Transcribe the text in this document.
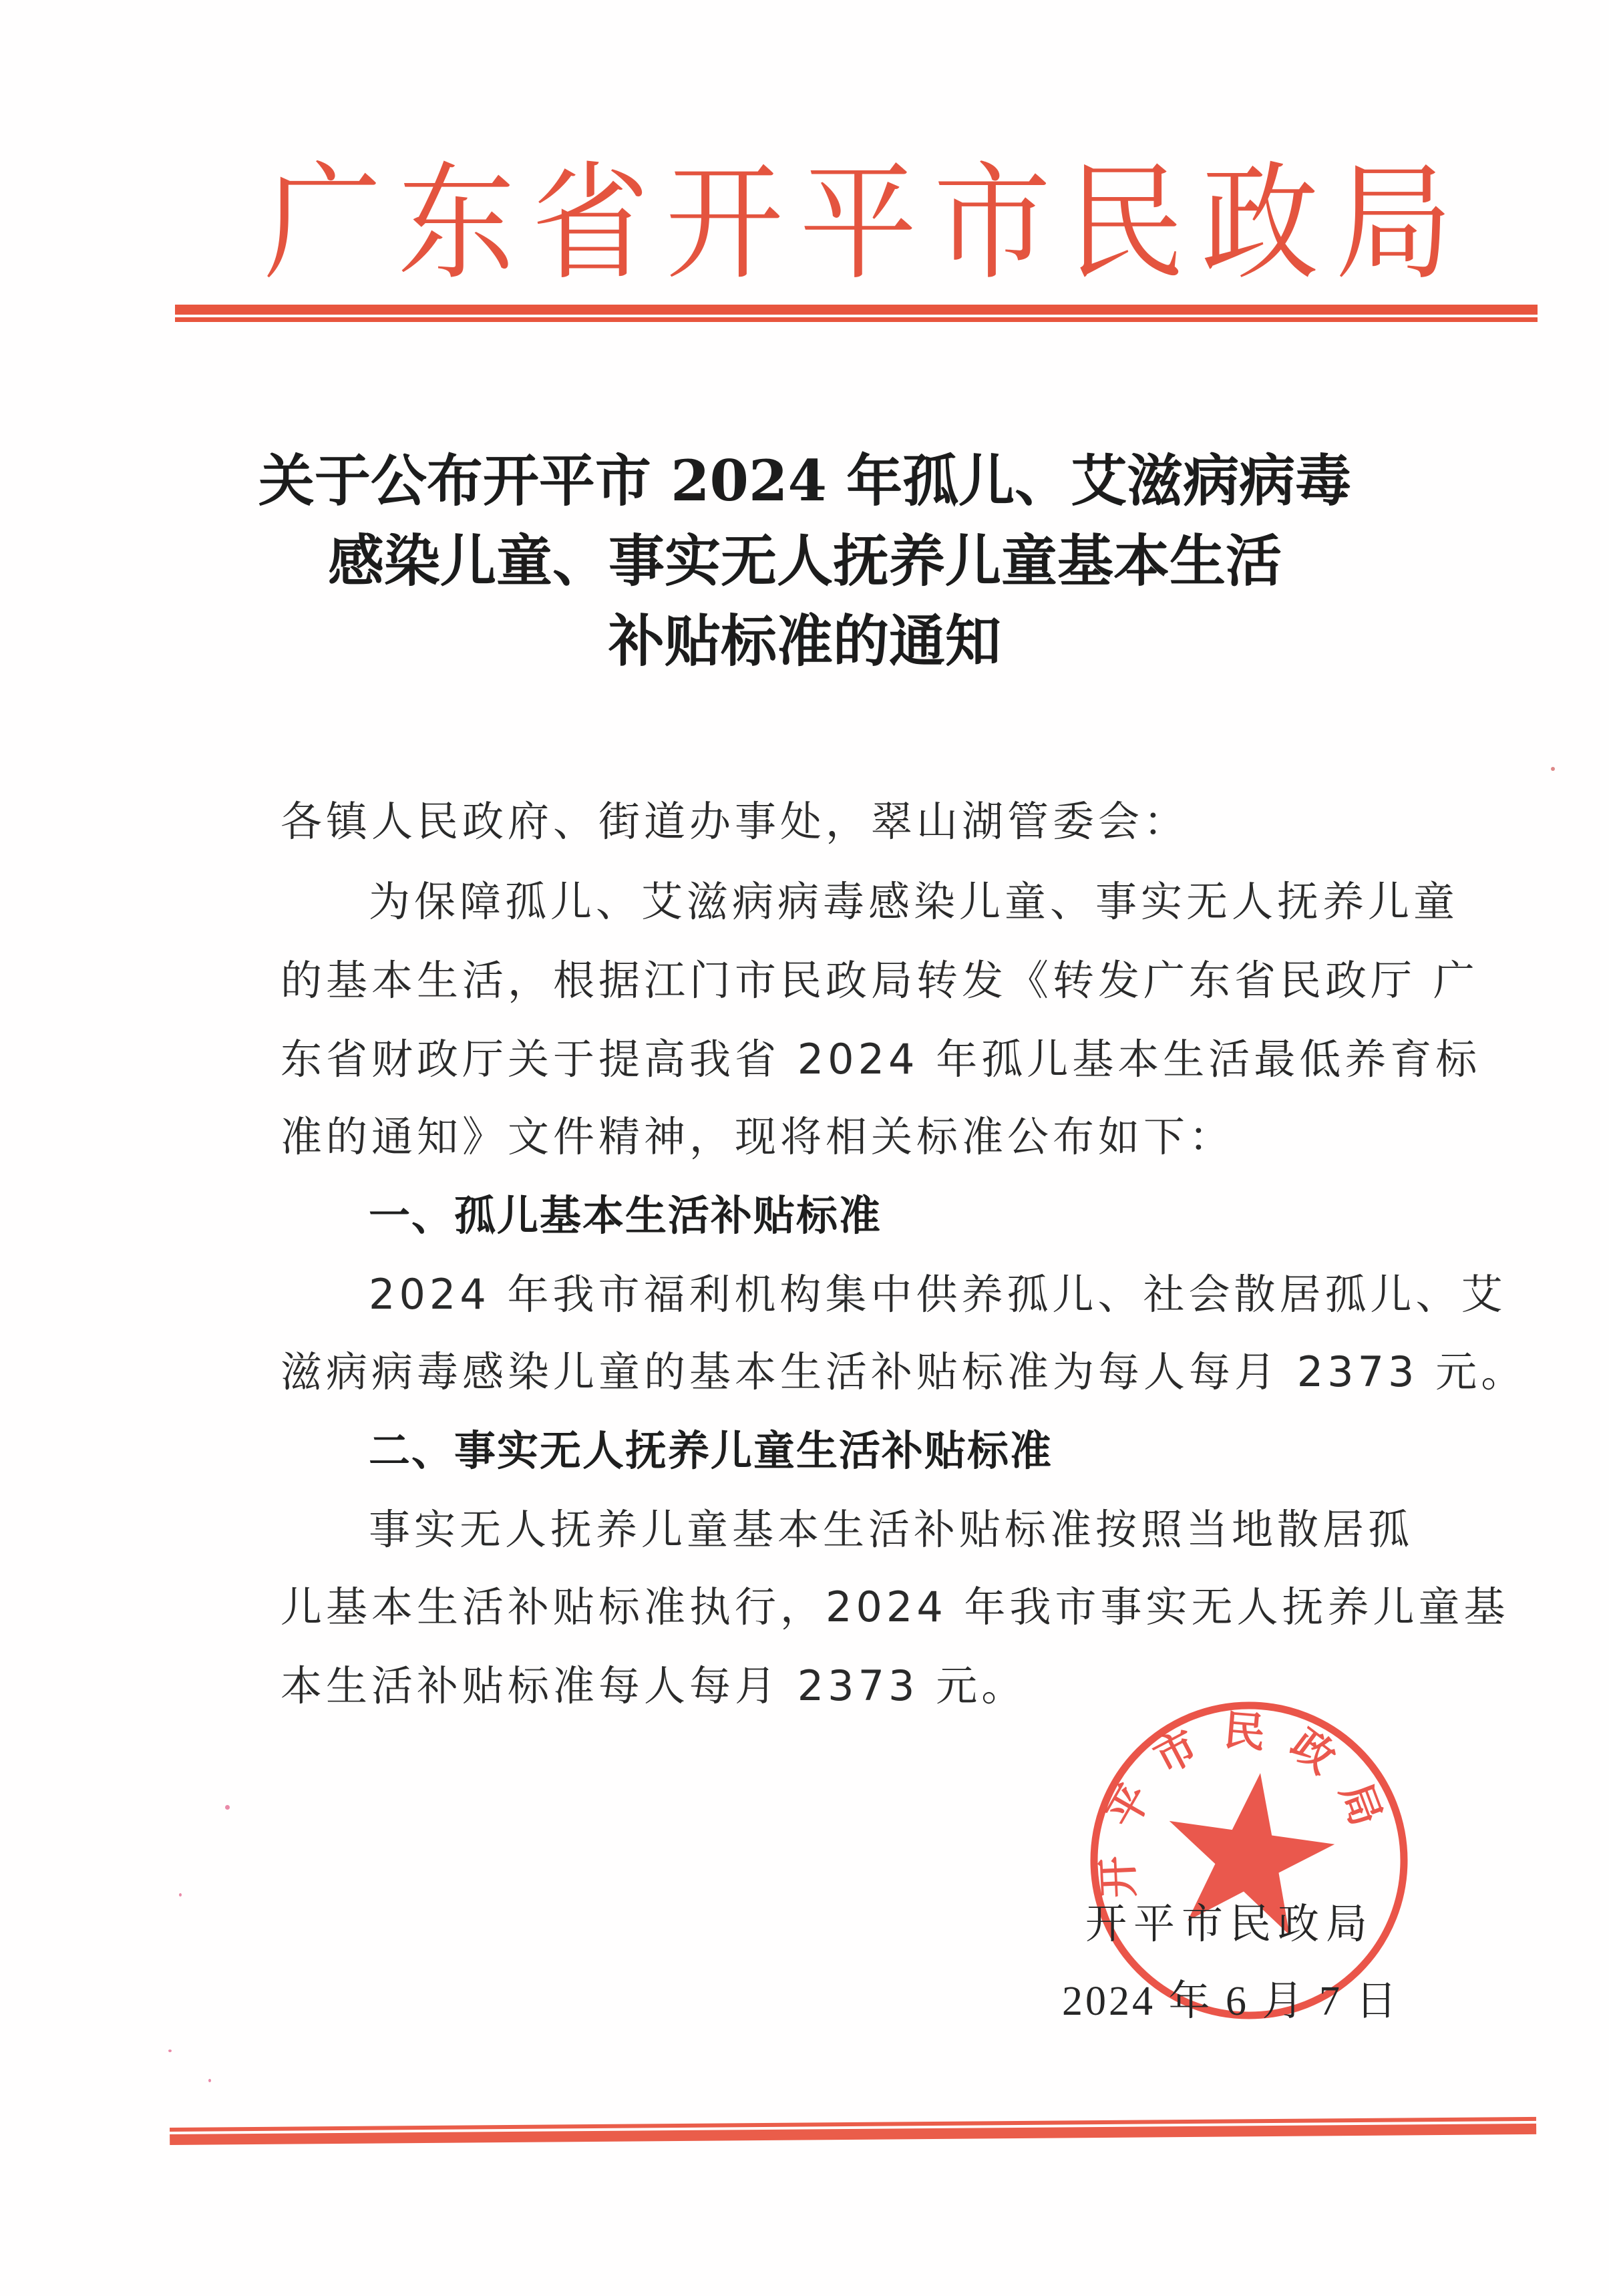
广 东 省 开 平 市 民 政 局
关于公布开平市 2024 年孤儿、艾滋病病毒
感染儿童、事实无人抚养儿童基本生活
补贴标准的通知
各镇人民政府、街道办事处，翠山湖管委会：
为保障孤儿、艾滋病病毒感染儿童、事实无人抚养儿童
的基本生活，根据江门市民政局转发《转发广东省民政厅 广
东省财政厅关于提高我省 2024 年孤儿基本生活最低养育标
准的通知》文件精神，现将相关标准公布如下：
一、孤儿基本生活补贴标准
2024 年我市福利机构集中供养孤儿、社会散居孤儿、艾
滋病病毒感染儿童的基本生活补贴标准为每人每月 2373 元。
二、事实无人抚养儿童生活补贴标准
事实无人抚养儿童基本生活补贴标准按照当地散居孤
儿基本生活补贴标准执行，2024 年我市事实无人抚养儿童基
本生活补贴标准每人每月 2373 元。
开平市民政局
开平市民政局
2024 年 6 月 7 日
